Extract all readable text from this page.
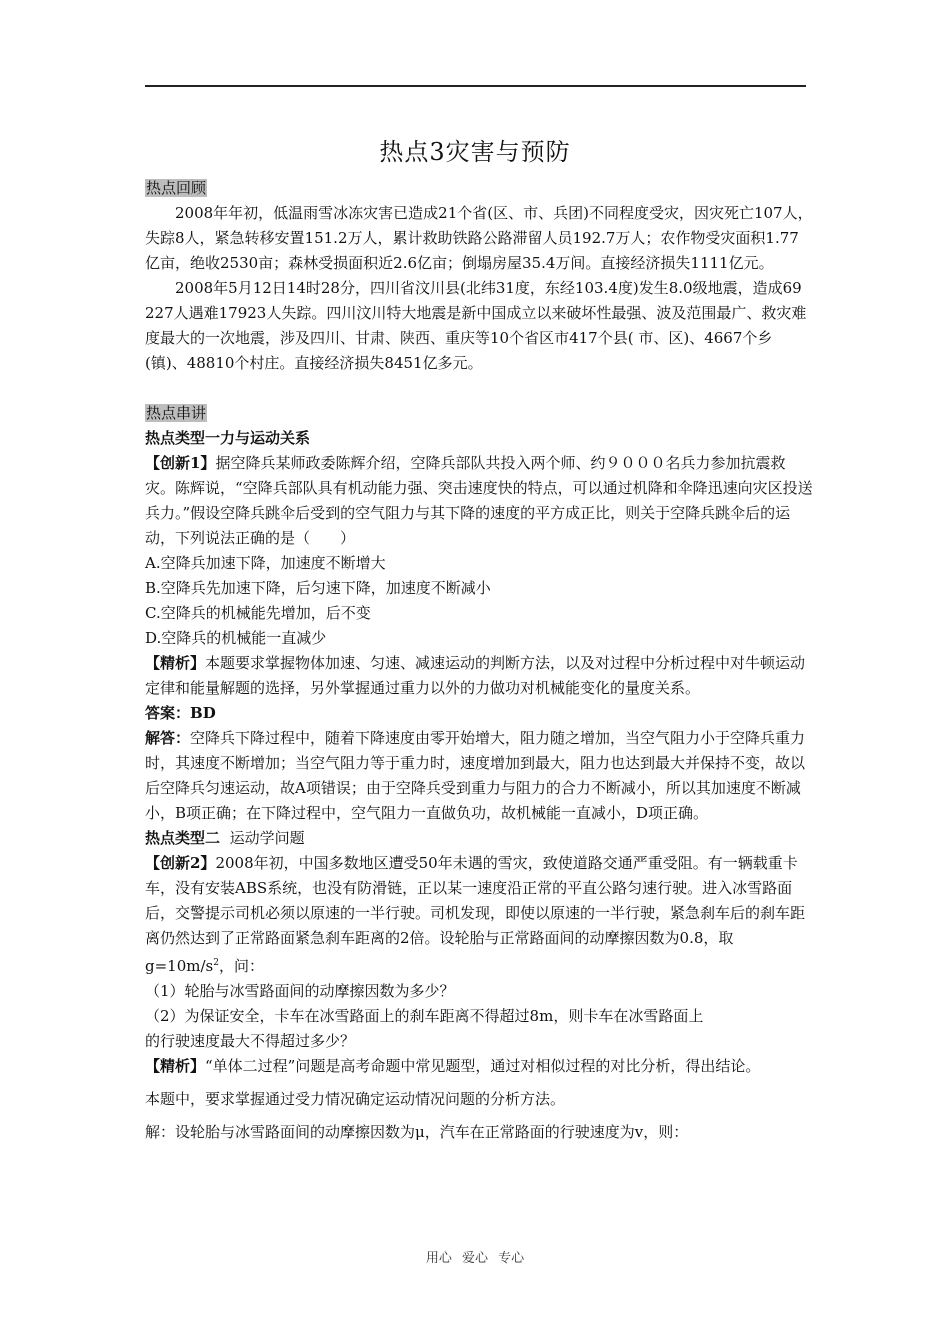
热点3灾害与预防

热点回顾

2008年年初，低温雨雪冰冻灾害已造成21个省(区、市、兵团)不同程度受灾，因灾死亡107人，失踪8人，紧急转移安置151.2万人，累计救助铁路公路滞留人员192.7万人；农作物受灾面积1.77亿亩，绝收2530亩；森林受损面积近2.6亿亩；倒塌房屋35.4万间。直接经济损失1111亿元。

2008年5月12日14时28分，四川省汶川县(北纬31度，东经103.4度)发生8.0级地震，造成69 227人遇难17923人失踪。四川汶川特大地震是新中国成立以来破坏性最强、波及范围最广、救灾难度最大的一次地震，涉及四川、甘肃、陕西、重庆等10个省区市417个县( 市、区)、4667个乡(镇)、48810个村庄。直接经济损失8451亿多元。

热点串讲

热点类型一力与运动关系

【创新1】据空降兵某师政委陈辉介绍，空降兵部队共投入两个师、约９０００名兵力参加抗震救灾。陈辉说，“空降兵部队具有机动能力强、突击速度快的特点，可以通过机降和伞降迅速向灾区投送兵力。”假设空降兵跳伞后受到的空气阻力与其下降的速度的平方成正比，则关于空降兵跳伞后的运动，下列说法正确的是（　　）

A.空降兵加速下降，加速度不断增大

B.空降兵先加速下降，后匀速下降，加速度不断减小

C.空降兵的机械能先增加，后不变

D.空降兵的机械能一直减少

【精析】本题要求掌握物体加速、匀速、减速运动的判断方法，以及对过程中分析过程中对牛顿运动定律和能量解题的选择，另外掌握通过重力以外的力做功对机械能变化的量度关系。

答案：BD

解答：空降兵下降过程中，随着下降速度由零开始增大，阻力随之增加，当空气阻力小于空降兵重力时，其速度不断增加；当空气阻力等于重力时，速度增加到最大，阻力也达到最大并保持不变，故以后空降兵匀速运动，故A项错误；由于空降兵受到重力与阻力的合力不断减小，所以其加速度不断减小，B项正确；在下降过程中，空气阻力一直做负功，故机械能一直减小，D项正确。

热点类型二 运动学问题

【创新2】2008年初，中国多数地区遭受50年未遇的雪灾，致使道路交通严重受阻。有一辆载重卡车，没有安装ABS系统，也没有防滑链，正以某一速度沿正常的平直公路匀速行驶。进入冰雪路面后，交警提示司机必须以原速的一半行驶。司机发现，即使以原速的一半行驶，紧急刹车后的刹车距离仍然达到了正常路面紧急刹车距离的2倍。设轮胎与正常路面间的动摩擦因数为0.8，取$g=10m/s^2$，问：

（1）轮胎与冰雪路面间的动摩擦因数为多少？

（2）为保证安全，卡车在冰雪路面上的刹车距离不得超过8m，则卡车在冰雪路面上

的行驶速度最大不得超过多少？

【精析】“单体二过程”问题是高考命题中常见题型，通过对相似过程的对比分析，得出结论。

本题中，要求掌握通过受力情况确定运动情况问题的分析方法。

解：设轮胎与冰雪路面间的动摩擦因数为μ，汽车在正常路面的行驶速度为v，则：

用心 爱心 专心
